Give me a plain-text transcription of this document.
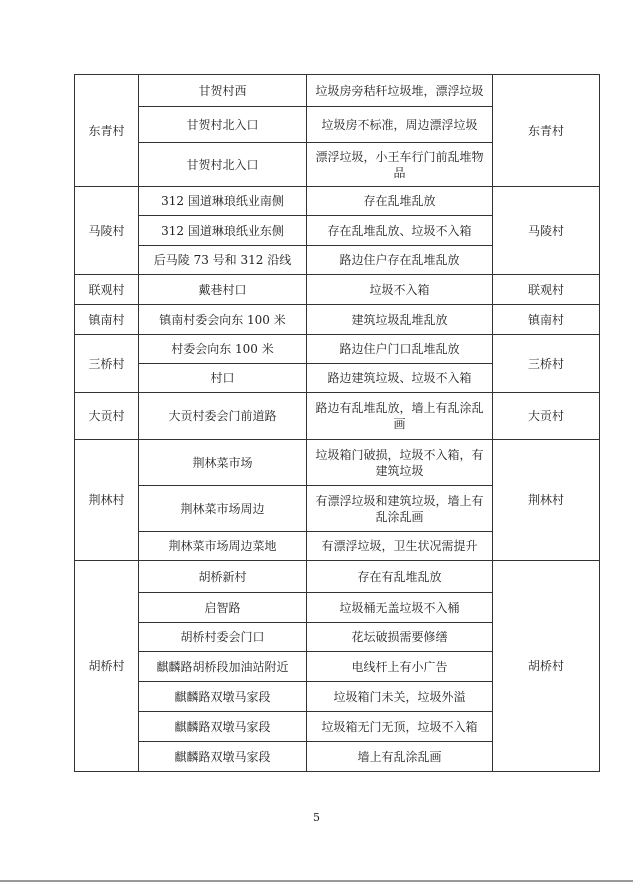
东青村	甘贺村西	垃圾房旁秸秆垃圾堆，漂浮垃圾	东青村
	甘贺村北入口	垃圾房不标准，周边漂浮垃圾	
	甘贺村北入口	漂浮垃圾，小王车行门前乱堆物品	
马陵村	312 国道琳琅纸业南侧	存在乱堆乱放	马陵村
	312 国道琳琅纸业东侧	存在乱堆乱放、垃圾不入箱	
	后马陵 73 号和 312 沿线	路边住户存在乱堆乱放	
联观村	戴巷村口	垃圾不入箱	联观村
镇南村	镇南村委会向东 100 米	建筑垃圾乱堆乱放	镇南村
三桥村	村委会向东 100 米	路边住户门口乱堆乱放	三桥村
	村口	路边建筑垃圾、垃圾不入箱	
大贡村	大贡村委会门前道路	路边有乱堆乱放，墙上有乱涂乱画	大贡村
荆林村	荆林菜市场	垃圾箱门破损，垃圾不入箱，有建筑垃圾	荆林村
	荆林菜市场周边	有漂浮垃圾和建筑垃圾，墙上有乱涂乱画	
	荆林菜市场周边菜地	有漂浮垃圾，卫生状况需提升	
胡桥村	胡桥新村	存在有乱堆乱放	胡桥村
	启智路	垃圾桶无盖垃圾不入桶	
	胡桥村委会门口	花坛破损需要修缮	
	麒麟路胡桥段加油站附近	电线杆上有小广告	
	麒麟路双墩马家段	垃圾箱门未关，垃圾外溢	
	麒麟路双墩马家段	垃圾箱无门无顶，垃圾不入箱	
	麒麟路双墩马家段	墙上有乱涂乱画	
5
